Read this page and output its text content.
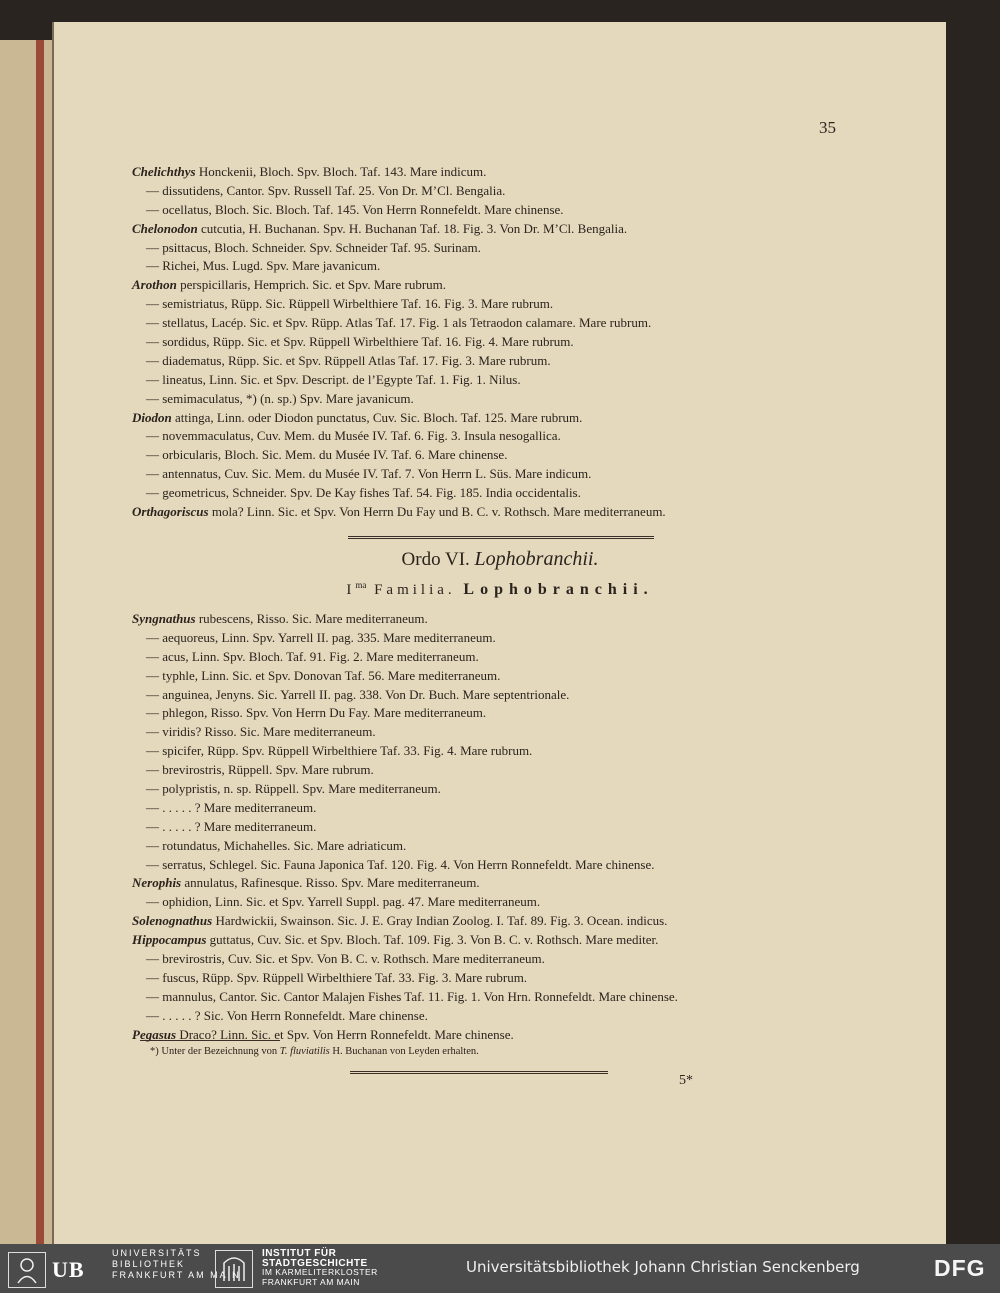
35
Chelichthys Honckenii, Bloch. Spv. Bloch. Taf. 143. Mare indicum.
— dissutidens, Cantor. Spv. Russell Taf. 25. Von Dr. M’Cl. Bengalia.
— ocellatus, Bloch. Sic. Bloch. Taf. 145. Von Herrn Ronnefeldt. Mare chinense.
Chelonodon cutcutia, H. Buchanan. Spv. H. Buchanan Taf. 18. Fig. 3. Von Dr. M’Cl. Bengalia.
— psittacus, Bloch. Schneider. Spv. Schneider Taf. 95. Surinam.
— Richei, Mus. Lugd. Spv. Mare javanicum.
Arothon perspicillaris, Hemprich. Sic. et Spv. Mare rubrum.
— semistriatus, Rüpp. Sic. Rüppell Wirbelthiere Taf. 16. Fig. 3. Mare rubrum.
— stellatus, Lacép. Sic. et Spv. Rüpp. Atlas Taf. 17. Fig. 1 als Tetraodon calamare. Mare rubrum.
— sordidus, Rüpp. Sic. et Spv. Rüppell Wirbelthiere Taf. 16. Fig. 4. Mare rubrum.
— diadematus, Rüpp. Sic. et Spv. Rüppell Atlas Taf. 17. Fig. 3. Mare rubrum.
— lineatus, Linn. Sic. et Spv. Descript. de l’Egypte Taf. 1. Fig. 1. Nilus.
— semimaculatus, *) (n. sp.) Spv. Mare javanicum.
Diodon attinga, Linn. oder Diodon punctatus, Cuv. Sic. Bloch. Taf. 125. Mare rubrum.
— novemmaculatus, Cuv. Mem. du Musée IV. Taf. 6. Fig. 3. Insula nesogallica.
— orbicularis, Bloch. Sic. Mem. du Musée IV. Taf. 6. Mare chinense.
— antennatus, Cuv. Sic. Mem. du Musée IV. Taf. 7. Von Herrn L. Süs. Mare indicum.
— geometricus, Schneider. Spv. De Kay fishes Taf. 54. Fig. 185. India occidentalis.
Orthagoriscus mola? Linn. Sic. et Spv. Von Herrn Du Fay und B. C. v. Rothsch. Mare mediterraneum.
Ordo VI. Lophobranchii.
$I^{ma}$ Familia. Lophobranchii.
Syngnathus rubescens, Risso. Sic. Mare mediterraneum.
— aequoreus, Linn. Spv. Yarrell II. pag. 335. Mare mediterraneum.
— acus, Linn. Spv. Bloch. Taf. 91. Fig. 2. Mare mediterraneum.
— typhle, Linn. Sic. et Spv. Donovan Taf. 56. Mare mediterraneum.
— anguinea, Jenyns. Sic. Yarrell II. pag. 338. Von Dr. Buch. Mare septentrionale.
— phlegon, Risso. Spv. Von Herrn Du Fay. Mare mediterraneum.
— viridis? Risso. Sic. Mare mediterraneum.
— spicifer, Rüpp. Spv. Rüppell Wirbelthiere Taf. 33. Fig. 4. Mare rubrum.
— brevirostris, Rüppell. Spv. Mare rubrum.
— polypristis, n. sp. Rüppell. Spv. Mare mediterraneum.
— . . . . . ? Mare mediterraneum.
— . . . . . ? Mare mediterraneum.
— rotundatus, Michahelles. Sic. Mare adriaticum.
— serratus, Schlegel. Sic. Fauna Japonica Taf. 120. Fig. 4. Von Herrn Ronnefeldt. Mare chinense.
Nerophis annulatus, Rafinesque. Risso. Spv. Mare mediterraneum.
— ophidion, Linn. Sic. et Spv. Yarrell Suppl. pag. 47. Mare mediterraneum.
Solenognathus Hardwickii, Swainson. Sic. J. E. Gray Indian Zoolog. I. Taf. 89. Fig. 3. Ocean. indicus.
Hippocampus guttatus, Cuv. Sic. et Spv. Bloch. Taf. 109. Fig. 3. Von B. C. v. Rothsch. Mare mediter.
— brevirostris, Cuv. Sic. et Spv. Von B. C. v. Rothsch. Mare mediterraneum.
— fuscus, Rüpp. Spv. Rüppell Wirbelthiere Taf. 33. Fig. 3. Mare rubrum.
— mannulus, Cantor. Sic. Cantor Malajen Fishes Taf. 11. Fig. 1. Von Hrn. Ronnefeldt. Mare chinense.
— . . . . . ? Sic. Von Herrn Ronnefeldt. Mare chinense.
Pegasus Draco? Linn. Sic. et Spv. Von Herrn Ronnefeldt. Mare chinense.
*) Unter der Bezeichnung von T. fluviatilis H. Buchanan von Leyden erhalten.
5*
UB
UNIVERSITÄTS
BIBLIOTHEK
FRANKFURT AM MAIN
INSTITUT FÜR
STADTGESCHICHTE
IM KARMELITERKLOSTER
FRANKFURT AM MAIN
Universitätsbibliothek Johann Christian Senckenberg	DFG
